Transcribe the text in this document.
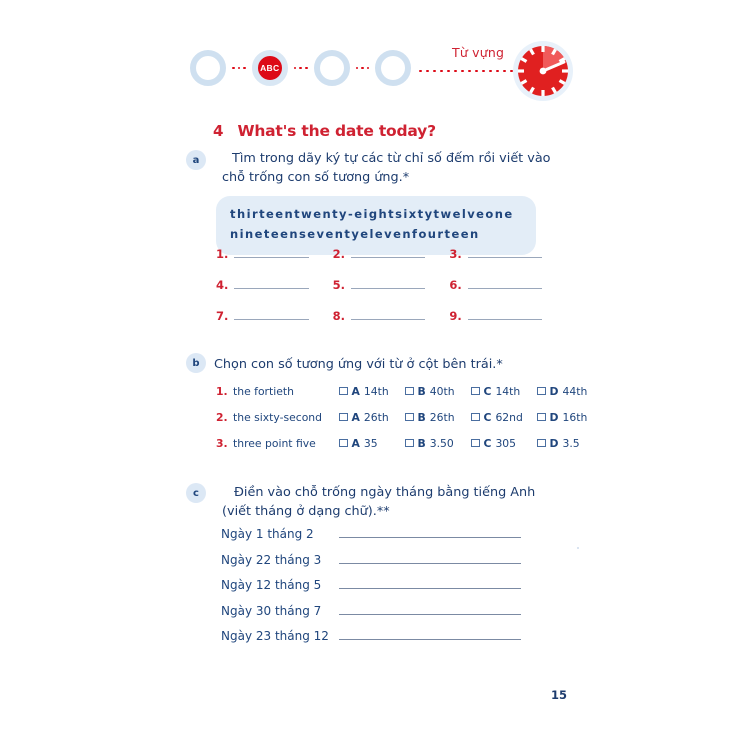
ABC
Từ vựng
4 What's the date today?
a	Tìm trong dãy ký tự các từ chỉ số đếm rồi viết vào chỗ trống con số tương ứng.*
thirteentwenty-eightsixtytwelveone
nineteenseventyelevenfourteen
1.	2.	3.
4.	5.	6.
7.	8.	9.
b	Chọn con số tương ứng với từ ở cột bên trái.*
1. the fortieth	A 14th	B 40th	C 14th	D 44th
2. the sixty-second	A 26th	B 26th	C 62nd D 16th
3. three point five	A 35	B 3.50	C 305	D 3.5
c	Điền vào chỗ trống ngày tháng bằng tiếng Anh (viết tháng ở dạng chữ).**
Ngày 1 tháng 2
Ngày 22 tháng 3
Ngày 12 tháng 5
Ngày 30 tháng 7
Ngày 23 tháng 12
15
